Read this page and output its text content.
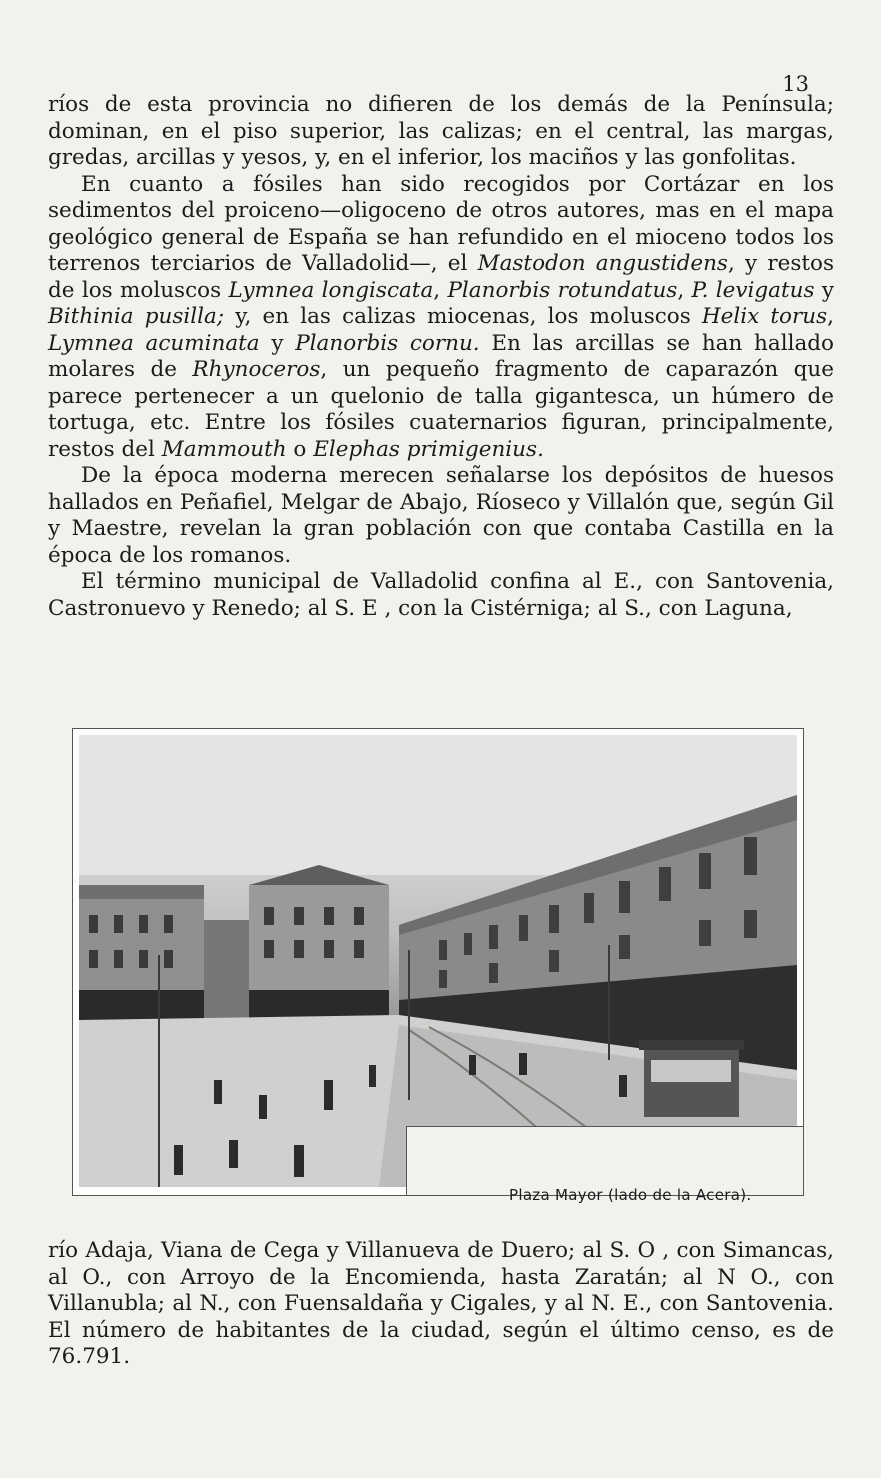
13

ríos de esta provincia no difieren de los demás de la Península; dominan, en el piso superior, las calizas; en el central, las margas, gredas, arcillas y yesos, y, en el inferior, los maciños y las gonfolitas.

En cuanto a fósiles han sido recogidos por Cortázar en los sedimentos del proiceno—oligoceno de otros autores, mas en el mapa geológico general de España se han refundido en el mioceno todos los terrenos terciarios de Valladolid—, el Mastodon angustidens, y restos de los moluscos Lymnea longiscata, Planorbis rotundatus, P. levigatus y Bithinia pusilla; y, en las calizas miocenas, los moluscos Helix torus, Lymnea acuminata y Planorbis cornu. En las arcillas se han hallado molares de Rhynoceros, un pequeño fragmento de caparazón que parece pertenecer a un quelonio de talla gigantesca, un húmero de tortuga, etc. Entre los fósiles cuaternarios figuran, principalmente, restos del Mammouth o Elephas primigenius.

De la época moderna merecen señalarse los depósitos de huesos hallados en Peñafiel, Melgar de Abajo, Ríoseco y Villalón que, según Gil y Maestre, revelan la gran población con que contaba Castilla en la época de los romanos.

El término municipal de Valladolid confina al E., con Santovenia, Castronuevo y Renedo; al S. E , con la Cistérniga; al S., con Laguna,

Plaza Mayor (lado de la Acera).

río Adaja, Viana de Cega y Villanueva de Duero; al S. O , con Simancas, al O., con Arroyo de la Encomienda, hasta Zaratán; al N O., con Villanubla; al N., con Fuensaldaña y Cigales, y al N. E., con Santovenia. El número de habitantes de la ciudad, según el último censo, es de 76.791.
